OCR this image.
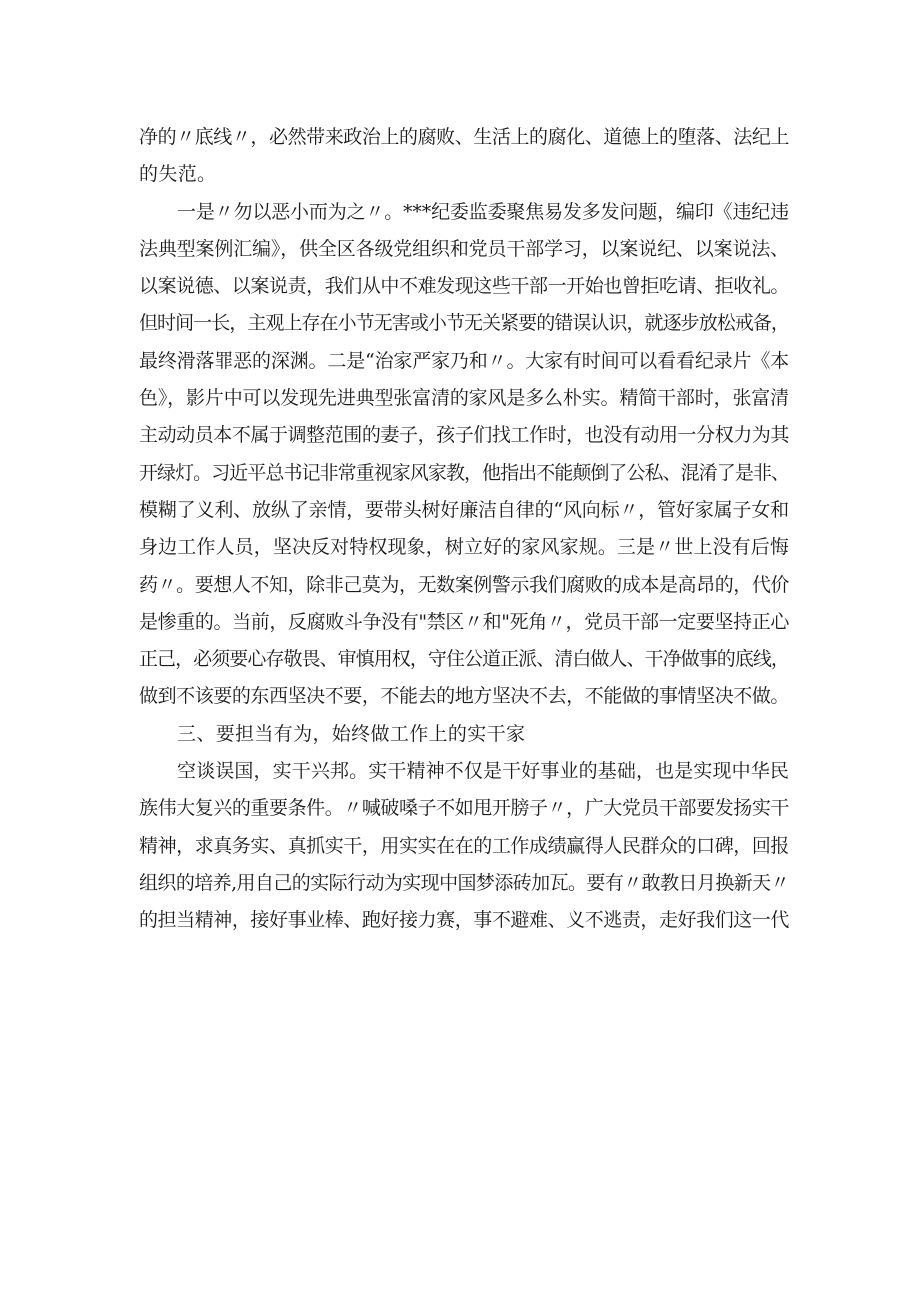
净的〃底线〃，必然带来政治上的腐败、生活上的腐化、道德上的堕落、法纪上
的失范。
一是〃勿以恶小而为之〃。***纪委监委聚焦易发多发问题，编印《违纪违
法典型案例汇编》，供全区各级党组织和党员干部学习，以案说纪、以案说法、
以案说德、以案说责，我们从中不难发现这些干部一开始也曾拒吃请、拒收礼。
但时间一长，主观上存在小节无害或小节无关紧要的错误认识，就逐步放松戒备，
最终滑落罪恶的深渊。二是“治家严家乃和〃。大家有时间可以看看纪录片《本
色》，影片中可以发现先进典型张富清的家风是多么朴实。精简干部时，张富清
主动动员本不属于调整范围的妻子，孩子们找工作时，也没有动用一分权力为其
开绿灯。习近平总书记非常重视家风家教，他指出不能颠倒了公私、混淆了是非、
模糊了义利、放纵了亲情，要带头树好廉洁自律的“风向标〃，管好家属子女和
身边工作人员，坚决反对特权现象，树立好的家风家规。三是〃世上没有后悔
药〃。要想人不知，除非己莫为，无数案例警示我们腐败的成本是高昂的，代价
是惨重的。当前，反腐败斗争没有"禁区〃和"死角〃，党员干部一定要坚持正心
正己，必须要心存敬畏、审慎用权，守住公道正派、清白做人、干净做事的底线，
做到不该要的东西坚决不要，不能去的地方坚决不去，不能做的事情坚决不做。
三、要担当有为，始终做工作上的实干家
空谈误国，实干兴邦。实干精神不仅是干好事业的基础，也是实现中华民
族伟大复兴的重要条件。〃喊破嗓子不如甩开膀子〃，广大党员干部要发扬实干
精神，求真务实、真抓实干，用实实在在的工作成绩赢得人民群众的口碑，回报
组织的培养,用自己的实际行动为实现中国梦添砖加瓦。要有〃敢教日月换新天〃
的担当精神，接好事业棒、跑好接力赛，事不避难、义不逃责，走好我们这一代
